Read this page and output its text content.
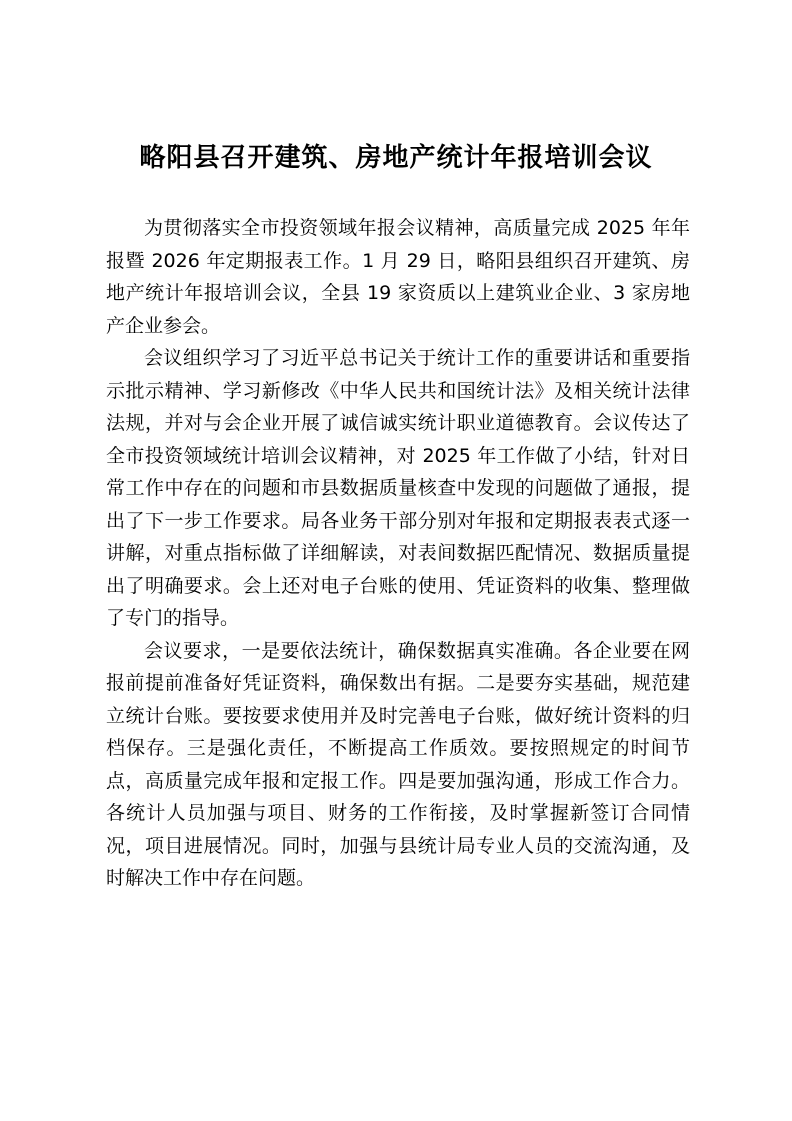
略阳县召开建筑、房地产统计年报培训会议

为贯彻落实全市投资领域年报会议精神，高质量完成 2025 年年报暨 2026 年定期报表工作。1 月 29 日，略阳县组织召开建筑、房地产统计年报培训会议，全县 19 家资质以上建筑业企业、3 家房地产企业参会。

会议组织学习了习近平总书记关于统计工作的重要讲话和重要指示批示精神、学习新修改《中华人民共和国统计法》及相关统计法律法规，并对与会企业开展了诚信诚实统计职业道德教育。会议传达了全市投资领域统计培训会议精神，对 2025 年工作做了小结，针对日常工作中存在的问题和市县数据质量核查中发现的问题做了通报，提出了下一步工作要求。局各业务干部分别对年报和定期报表表式逐一讲解，对重点指标做了详细解读，对表间数据匹配情况、数据质量提出了明确要求。会上还对电子台账的使用、凭证资料的收集、整理做了专门的指导。

会议要求，一是要依法统计，确保数据真实准确。各企业要在网报前提前准备好凭证资料，确保数出有据。二是要夯实基础，规范建立统计台账。要按要求使用并及时完善电子台账，做好统计资料的归档保存。三是强化责任，不断提高工作质效。要按照规定的时间节点，高质量完成年报和定报工作。四是要加强沟通，形成工作合力。各统计人员加强与项目、财务的工作衔接，及时掌握新签订合同情况，项目进展情况。同时，加强与县统计局专业人员的交流沟通，及时解决工作中存在问题。
